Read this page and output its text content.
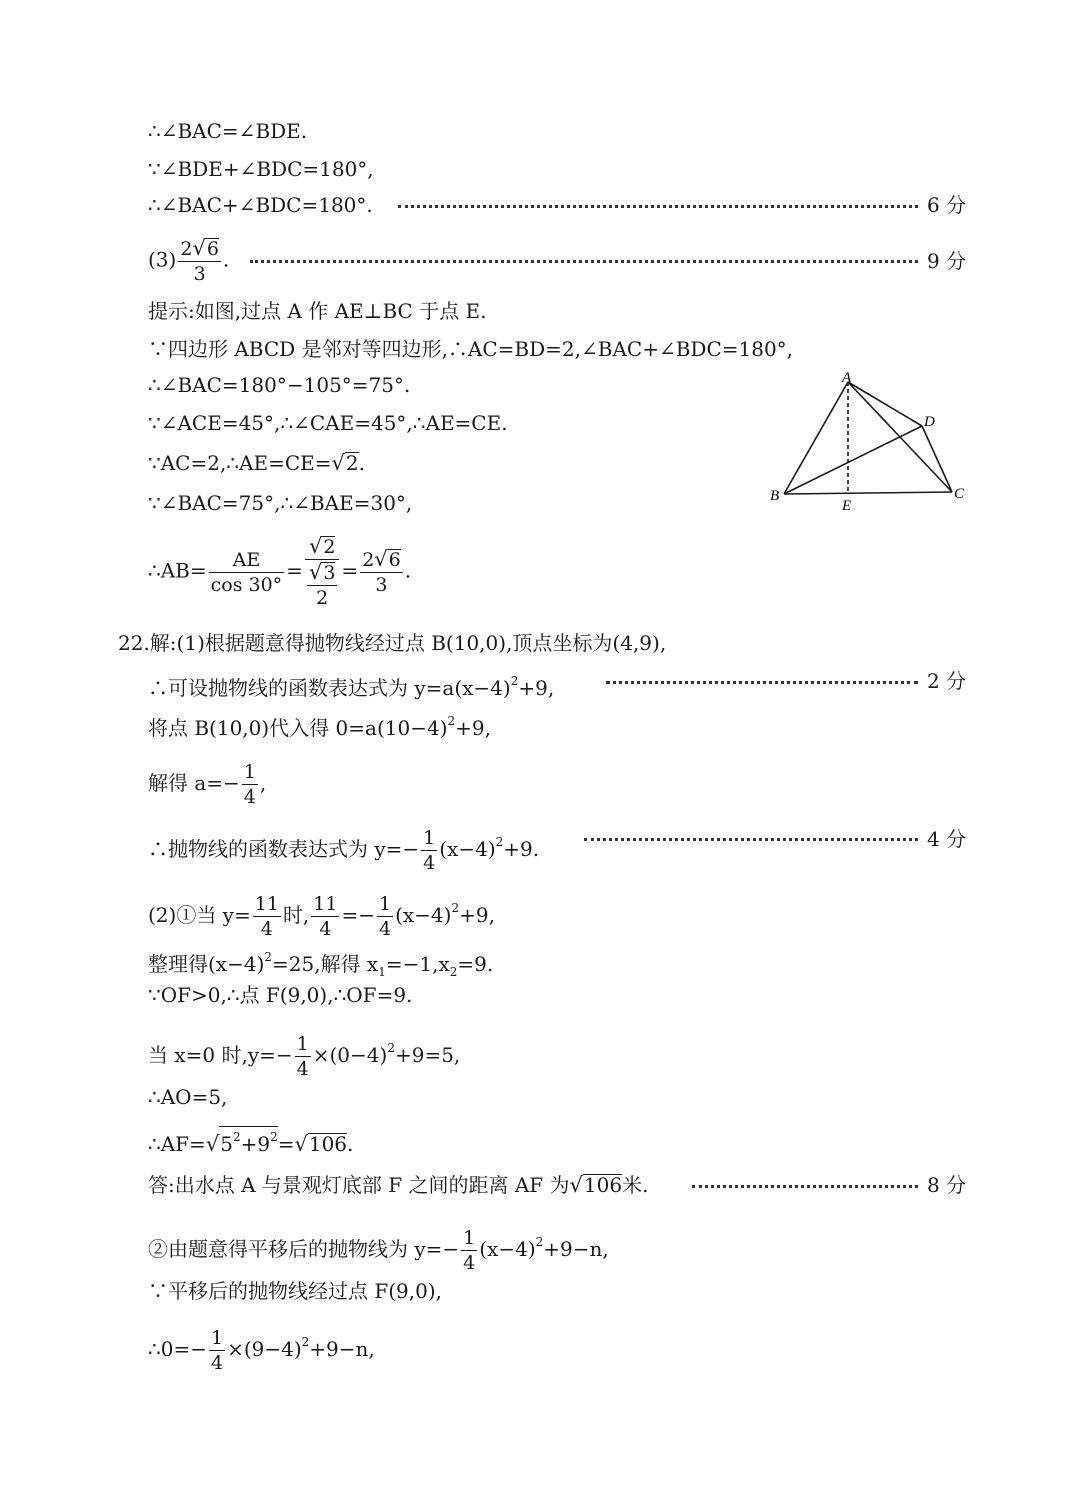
∴∠BAC=∠BDE.
∵∠BDE+∠BDC=180°,
∴∠BAC+∠BDC=180°.	6 分
$(3) \frac{2√6}{3}$ .	9 分
提示:如图,过点 A 作 AE⊥BC 于点 E.
∵四边形 ABCD 是邻对等四边形,∴AC=BD=2,∠BAC+∠BDC=180°,
∴∠BAC=180°−105°=75°.
∵∠ACE=45°,∴∠CAE=45°,∴AE=CE.
∵AC=2,∴AE=CE=√2.
∵∠BAC=75°,∴∠BAE=30°,
∴AB= $\frac{AE}{\cos 30^\circ} = \frac{√2}{\frac{√3}{2}} = \frac{2√6}{3}$ .
A
B	C
D
E
22.解:(1)根据题意得抛物线经过点 B(10,0),顶点坐标为(4,9),
∴可设抛物线的函数表达式为 $y=a(x-4)^2+9$,	2 分
将点 B(10,0)代入得 $0=a(10-4)^2+9$,
解得 $a=- \frac{1}{4}$ ,
∴抛物线的函数表达式为 $y=- \frac{1}{4} (x-4)^2+9$.	4 分
(2)①当 $y= \frac{11}{4}$ 时, $\frac{11}{4} =- \frac{1}{4} (x-4)^2+9$,
整理得$(x-4)^2=25$,解得 $x_1=-1,x_2=9$.
∵OF>0,∴点 F(9,0),∴OF=9.
当 x=0 时$,y=- \frac{1}{4} \times(0-4)^2+9=5$,
∴AO=5,
$\therefore AF=√5^2+9^2=√106$.
答:出水点 A 与景观灯底部 F 之间的距离 AF 为√106米.	8 分
②由题意得平移后的抛物线为 $y=- \frac{1}{4} (x-4)^2+9-n$,
∵平移后的抛物线经过点 F(9,0),
∴0=− $\frac{1}{4} \times(9-4)^2+9-n$,
